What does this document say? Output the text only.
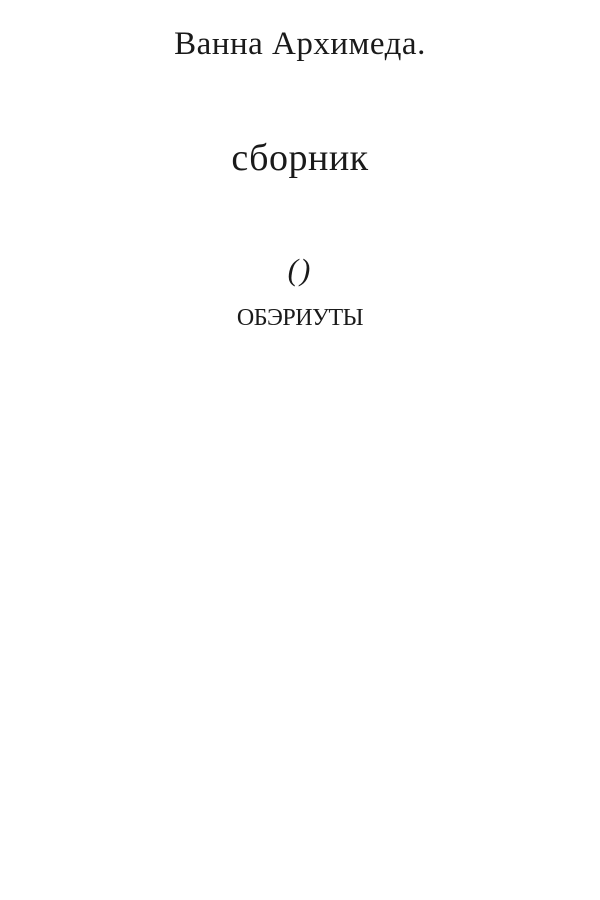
Ванна Архимеда.
сборник
()
ОБЭРИУТЫ
